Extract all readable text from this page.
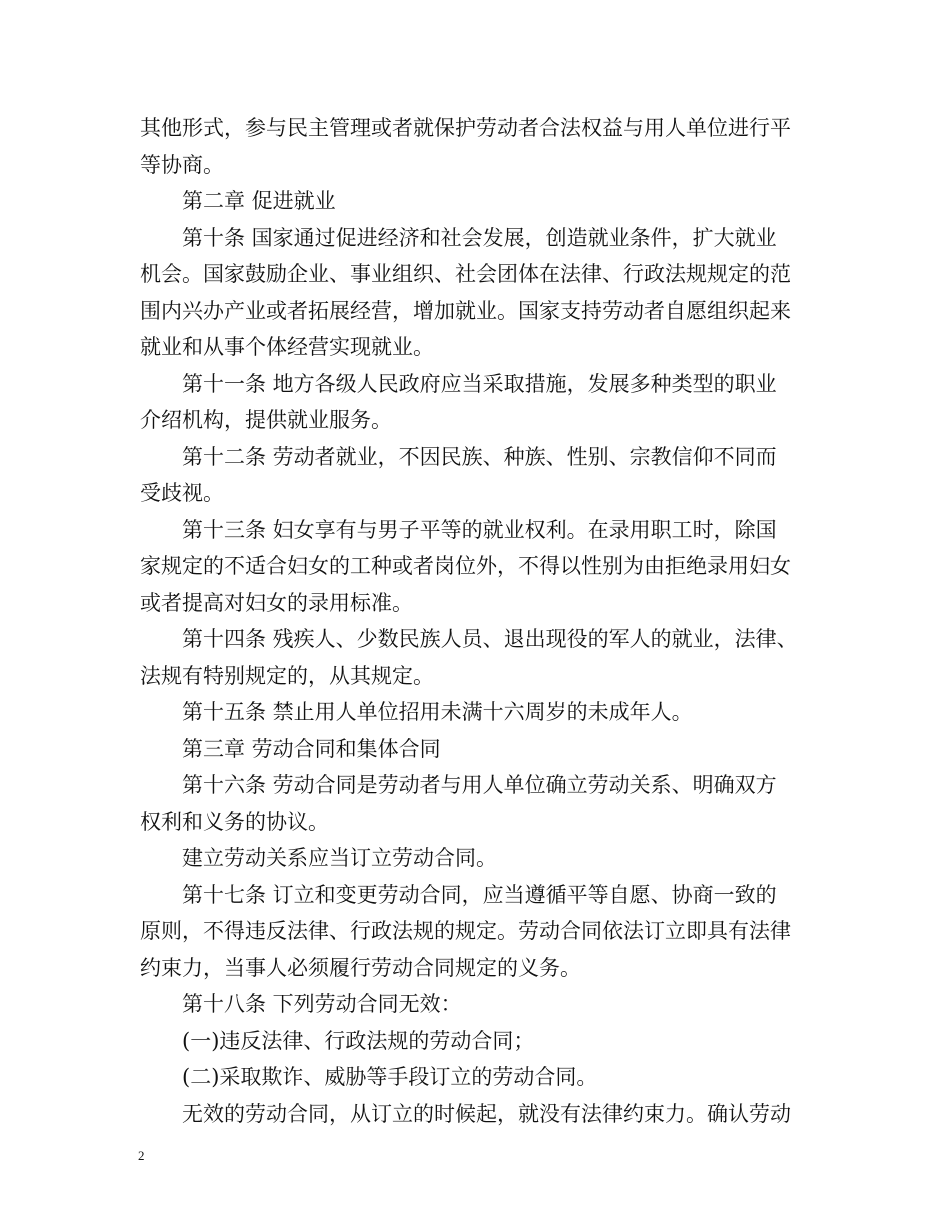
其他形式，参与民主管理或者就保护劳动者合法权益与用人单位进行平
等协商。
第二章 促进就业
第十条 国家通过促进经济和社会发展，创造就业条件，扩大就业
机会。国家鼓励企业、事业组织、社会团体在法律、行政法规规定的范
围内兴办产业或者拓展经营，增加就业。国家支持劳动者自愿组织起来
就业和从事个体经营实现就业。
第十一条 地方各级人民政府应当采取措施，发展多种类型的职业
介绍机构，提供就业服务。
第十二条 劳动者就业，不因民族、种族、性别、宗教信仰不同而
受歧视。
第十三条 妇女享有与男子平等的就业权利。在录用职工时，除国
家规定的不适合妇女的工种或者岗位外，不得以性别为由拒绝录用妇女
或者提高对妇女的录用标准。
第十四条 残疾人、少数民族人员、退出现役的军人的就业，法律、
法规有特别规定的，从其规定。
第十五条 禁止用人单位招用未满十六周岁的未成年人。
第三章 劳动合同和集体合同
第十六条 劳动合同是劳动者与用人单位确立劳动关系、明确双方
权利和义务的协议。
建立劳动关系应当订立劳动合同。
第十七条 订立和变更劳动合同，应当遵循平等自愿、协商一致的
原则，不得违反法律、行政法规的规定。劳动合同依法订立即具有法律
约束力，当事人必须履行劳动合同规定的义务。
第十八条 下列劳动合同无效：
(一)违反法律、行政法规的劳动合同；
(二)采取欺诈、威胁等手段订立的劳动合同。
无效的劳动合同，从订立的时候起，就没有法律约束力。确认劳动
2
